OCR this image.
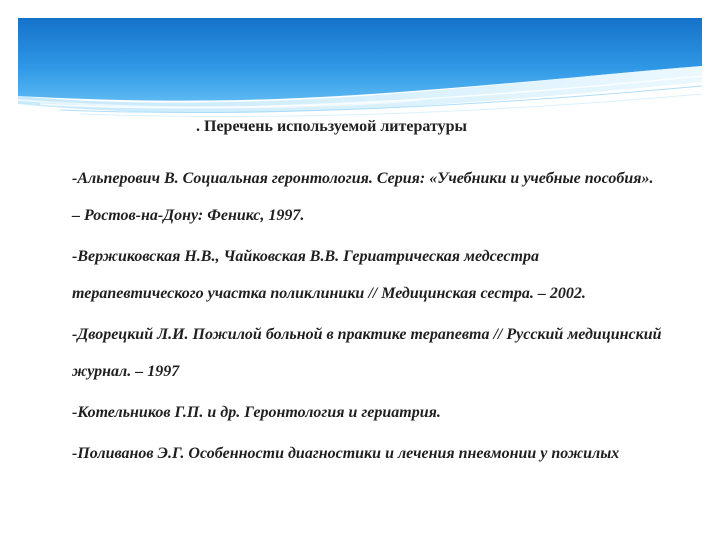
. Перечень используемой литературы
-Альперович В. Социальная геронтология. Серия: «Учебники и учебные пособия». – Ростов-на-Дону: Феникс, 1997.
-Вержиковская Н.В., Чайковская В.В. Гериатрическая медсестра терапевтического участка поликлиники // Медицинская сестра. – 2002.
-Дворецкий Л.И. Пожилой больной в практике терапевта // Русский медицинский журнал. – 1997
-Котельников Г.П. и др. Геронтология и гериатрия.
-Поливанов Э.Г. Особенности диагностики и лечения пневмонии у пожилых
